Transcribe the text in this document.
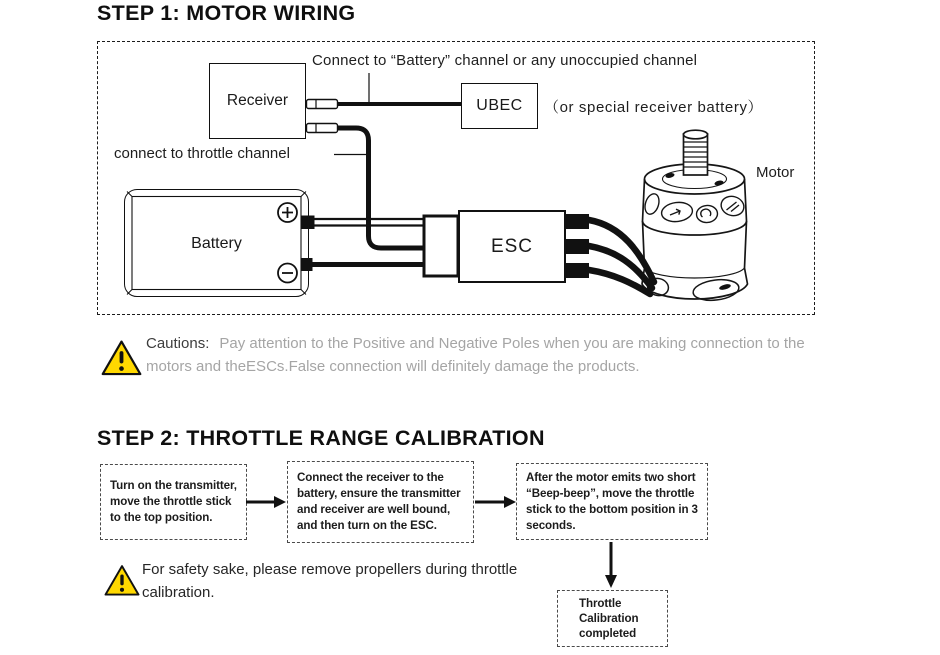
STEP 1: MOTOR WIRING
Connect to “Battery” channel or any unoccupied channel
Receiver	UBEC （or special receiver battery）
connect to throttle channel
Battery	ESC
Motor

Cautions: Pay attention to the Positive and Negative Poles when you are making connection to the motors and theESCs.False connection will definitely damage the products.

STEP 2: THROTTLE RANGE CALIBRATION
Turn on the transmitter, move the throttle stick to the top position.
Connect the receiver to the battery, ensure the transmitter and receiver are well bound, and then turn on the ESC.
After the motor emits two short “Beep-beep”, move the throttle stick to the bottom position in 3 seconds.
Throttle Calibration completed

For safety sake, please remove propellers during throttle calibration.
